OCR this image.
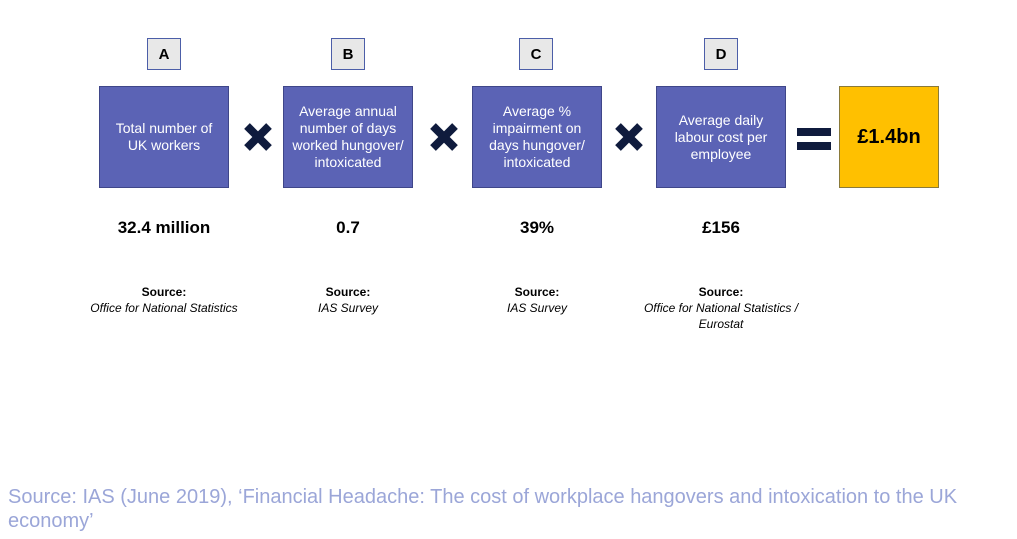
A
Total number of UK workers
32.4 million
Source:
Office for National Statistics
B
Average annual number of days worked hungover/ intoxicated
0.7
Source:
IAS Survey
C
Average % impairment on days hungover/ intoxicated
39%
Source:
IAS Survey
D
Average daily labour cost per employee
£156
Source:
Office for National Statistics / Eurostat
£1.4bn
Source: IAS (June 2019), ‘Financial Headache: The cost of workplace hangovers and intoxication to the UK economy’
